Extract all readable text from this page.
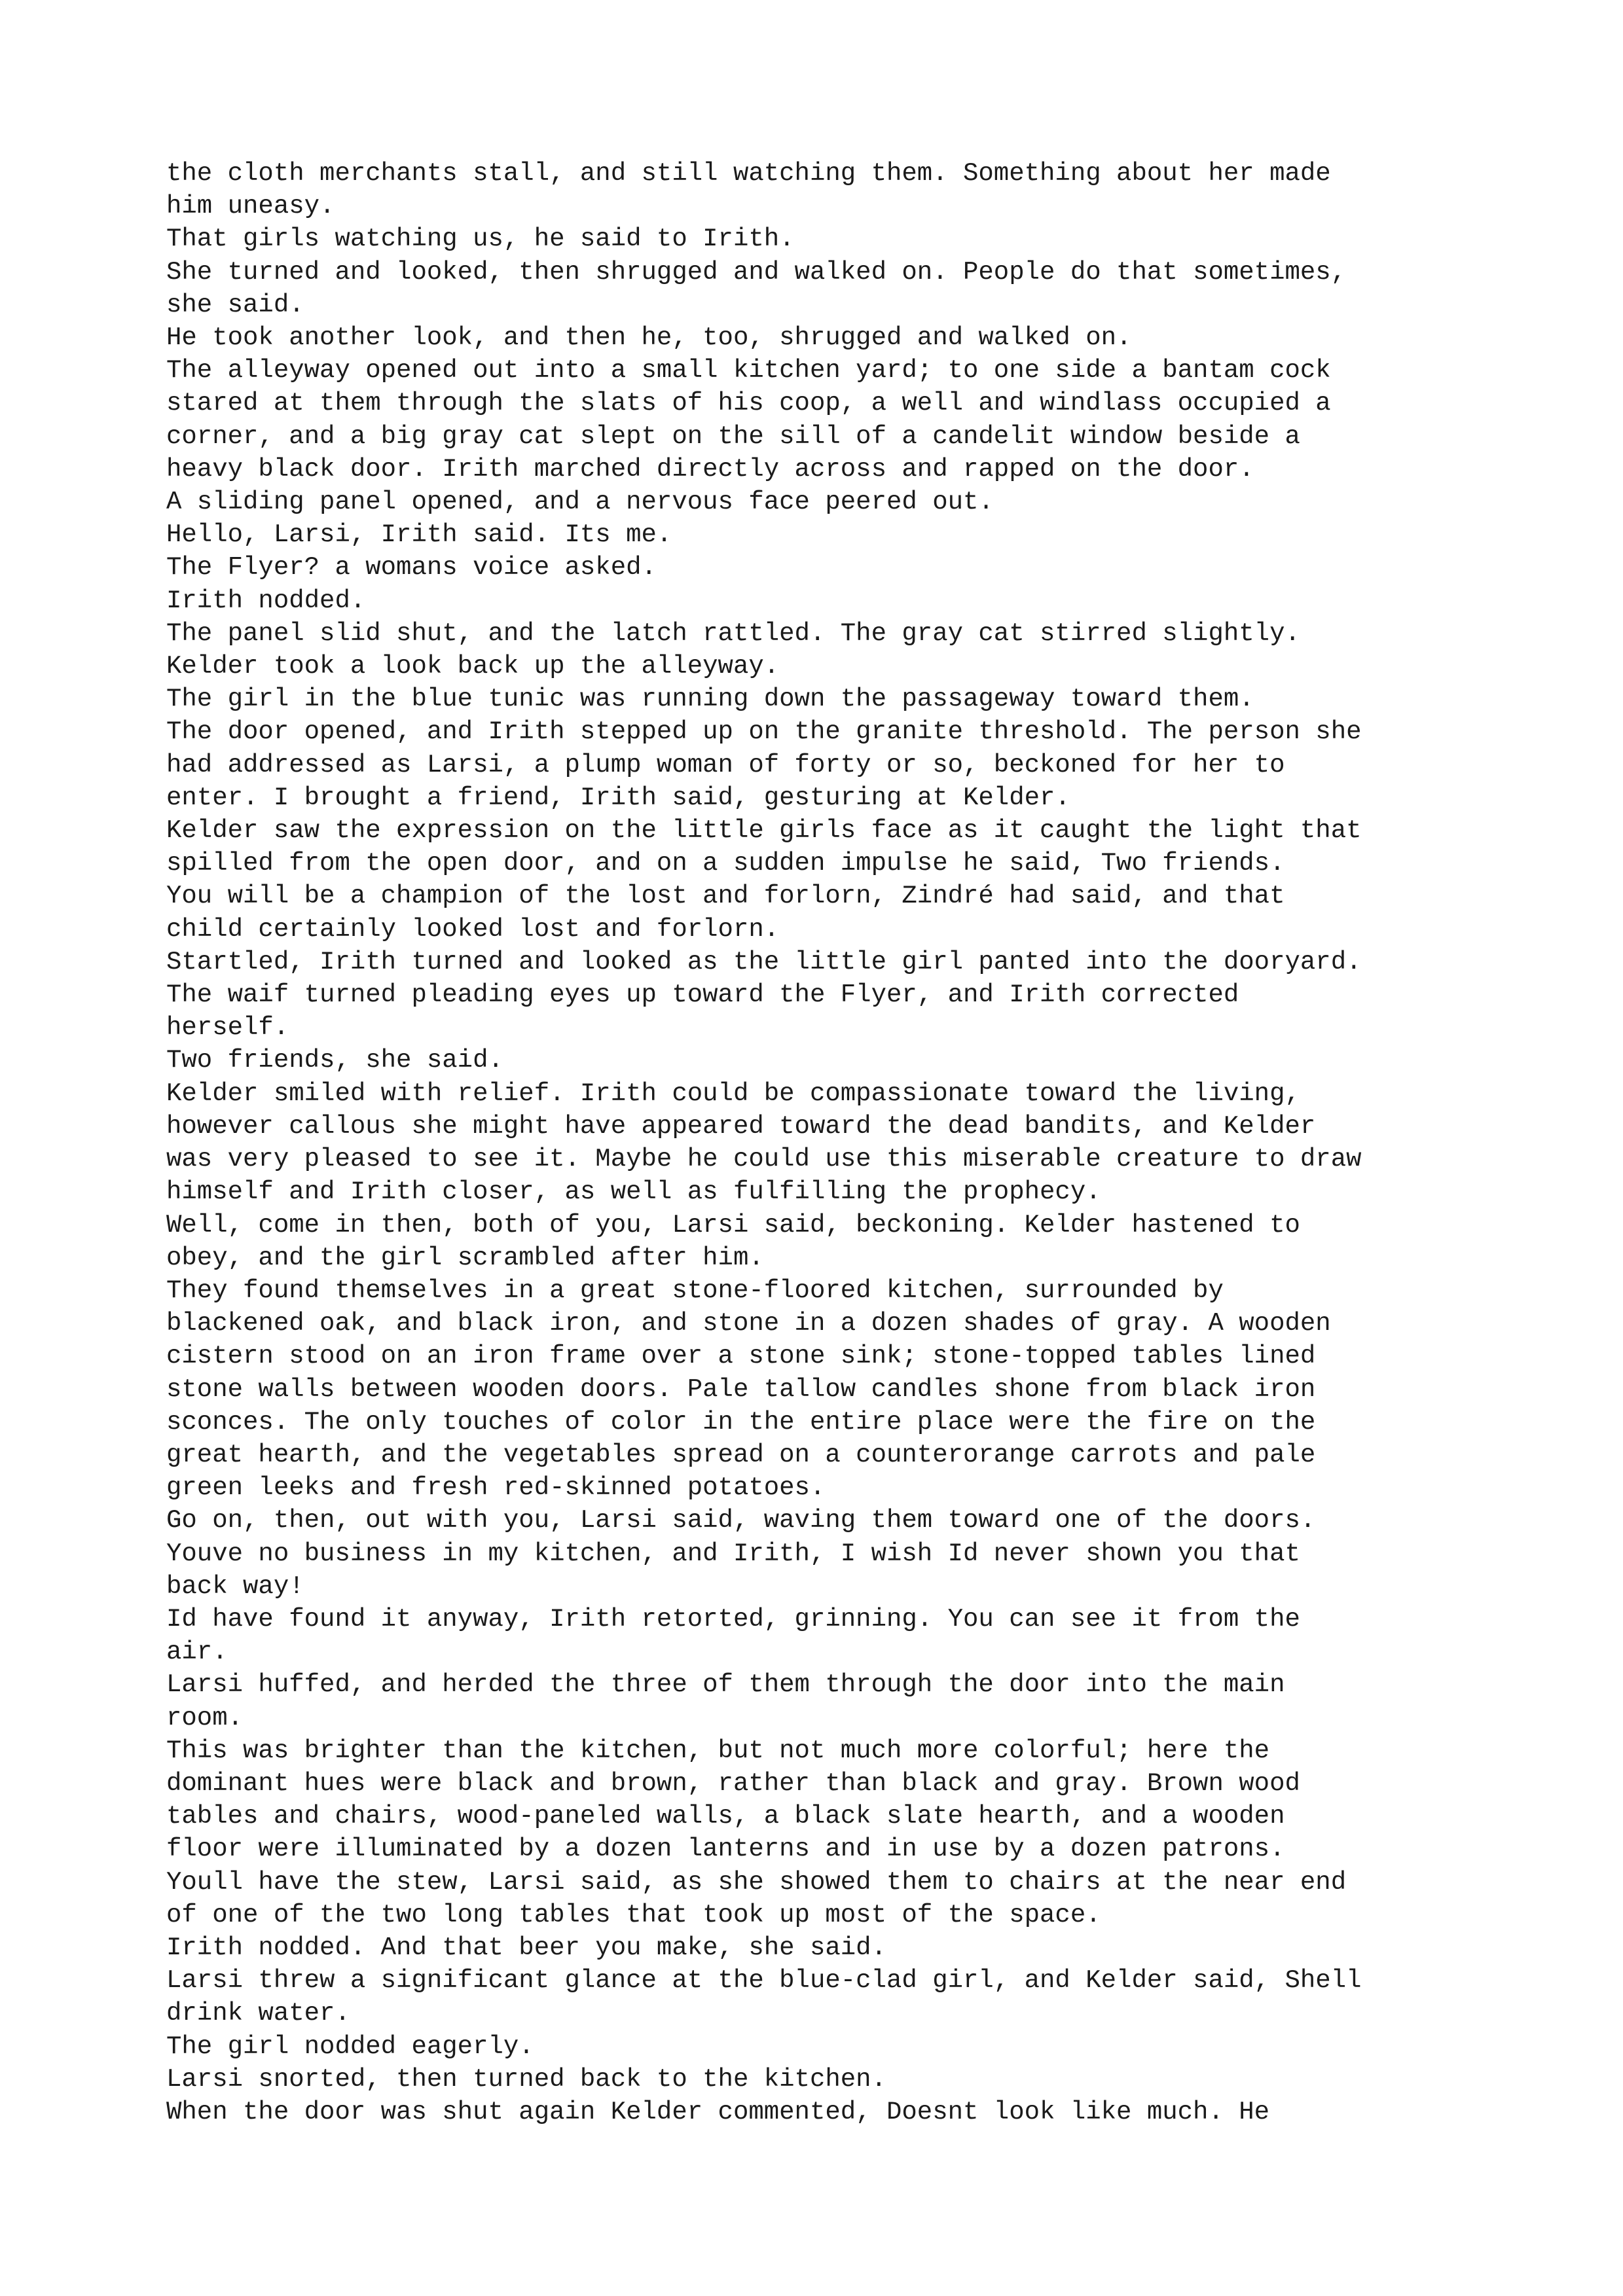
the cloth merchants stall, and still watching them. Something about her made
him uneasy.
That girls watching us, he said to Irith.
She turned and looked, then shrugged and walked on. People do that sometimes,
she said.
He took another look, and then he, too, shrugged and walked on.
The alleyway opened out into a small kitchen yard; to one side a bantam cock
stared at them through the slats of his coop, a well and windlass occupied a
corner, and a big gray cat slept on the sill of a candelit window beside a
heavy black door. Irith marched directly across and rapped on the door.
A sliding panel opened, and a nervous face peered out.
Hello, Larsi, Irith said. Its me.
The Flyer? a womans voice asked.
Irith nodded.
The panel slid shut, and the latch rattled. The gray cat stirred slightly.
Kelder took a look back up the alleyway.
The girl in the blue tunic was running down the passageway toward them.
The door opened, and Irith stepped up on the granite threshold. The person she
had addressed as Larsi, a plump woman of forty or so, beckoned for her to
enter. I brought a friend, Irith said, gesturing at Kelder.
Kelder saw the expression on the little girls face as it caught the light that
spilled from the open door, and on a sudden impulse he said, Two friends.
You will be a champion of the lost and forlorn, Zindré had said, and that
child certainly looked lost and forlorn.
Startled, Irith turned and looked as the little girl panted into the dooryard.
The waif turned pleading eyes up toward the Flyer, and Irith corrected
herself.
Two friends, she said.
Kelder smiled with relief. Irith could be compassionate toward the living,
however callous she might have appeared toward the dead bandits, and Kelder
was very pleased to see it. Maybe he could use this miserable creature to draw
himself and Irith closer, as well as fulfilling the prophecy.
Well, come in then, both of you, Larsi said, beckoning. Kelder hastened to
obey, and the girl scrambled after him.
They found themselves in a great stone-floored kitchen, surrounded by
blackened oak, and black iron, and stone in a dozen shades of gray. A wooden
cistern stood on an iron frame over a stone sink; stone-topped tables lined
stone walls between wooden doors. Pale tallow candles shone from black iron
sconces. The only touches of color in the entire place were the fire on the
great hearth, and the vegetables spread on a counterorange carrots and pale
green leeks and fresh red-skinned potatoes.
Go on, then, out with you, Larsi said, waving them toward one of the doors.
Youve no business in my kitchen, and Irith, I wish Id never shown you that
back way!
Id have found it anyway, Irith retorted, grinning. You can see it from the
air.
Larsi huffed, and herded the three of them through the door into the main
room.
This was brighter than the kitchen, but not much more colorful; here the
dominant hues were black and brown, rather than black and gray. Brown wood
tables and chairs, wood-paneled walls, a black slate hearth, and a wooden
floor were illuminated by a dozen lanterns and in use by a dozen patrons.
Youll have the stew, Larsi said, as she showed them to chairs at the near end
of one of the two long tables that took up most of the space.
Irith nodded. And that beer you make, she said.
Larsi threw a significant glance at the blue-clad girl, and Kelder said, Shell
drink water.
The girl nodded eagerly.
Larsi snorted, then turned back to the kitchen.
When the door was shut again Kelder commented, Doesnt look like much. He
